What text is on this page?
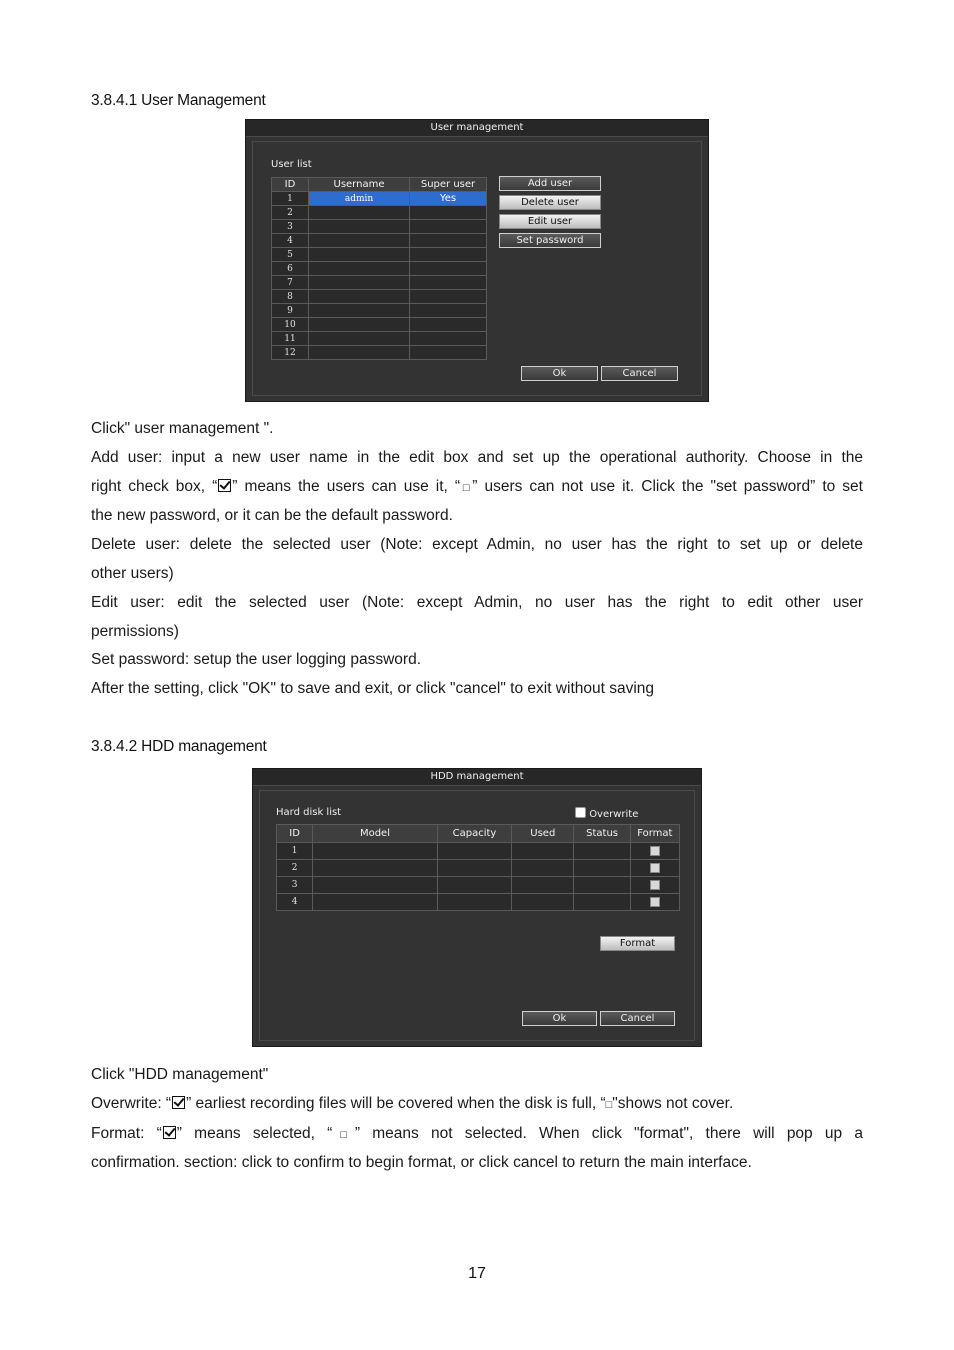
3.8.4.1 User Management
User management
User list
ID	Username	Super user
1	admin	Yes
2		
3		
4		
5		
6		
7		
8		
9		
10		
11		
12		
Add user
Delete user
Edit user
Set password
Ok	Cancel
Click" user management ".
Add user: input a new user name in the edit box and set up the operational authority. Choose in the
right check box, “ ” means the users can use it, “□” users can not use it. Click the "set password” to set
the new password, or it can be the default password.
Delete user: delete the selected user (Note: except Admin, no user has the right to set up or delete
other users)
Edit user: edit the selected user (Note: except Admin, no user has the right to edit other user
permissions)
Set password: setup the user logging password.
After the setting, click "OK" to save and exit, or click "cancel" to exit without saving
3.8.4.2 HDD management
HDD management
Hard disk list	Overwrite
ID	Model	Capacity	Used	Status	Format
1					
2					
3					
4					
Format
Ok	Cancel
Click "HDD management"
Overwrite: “ ” earliest recording files will be covered when the disk is full, “□"shows not cover.
Format: “ ” means selected, “□” means not selected. When click "format", there will pop up a
confirmation. section: click to confirm to begin format, or click cancel to return the main interface.
17
